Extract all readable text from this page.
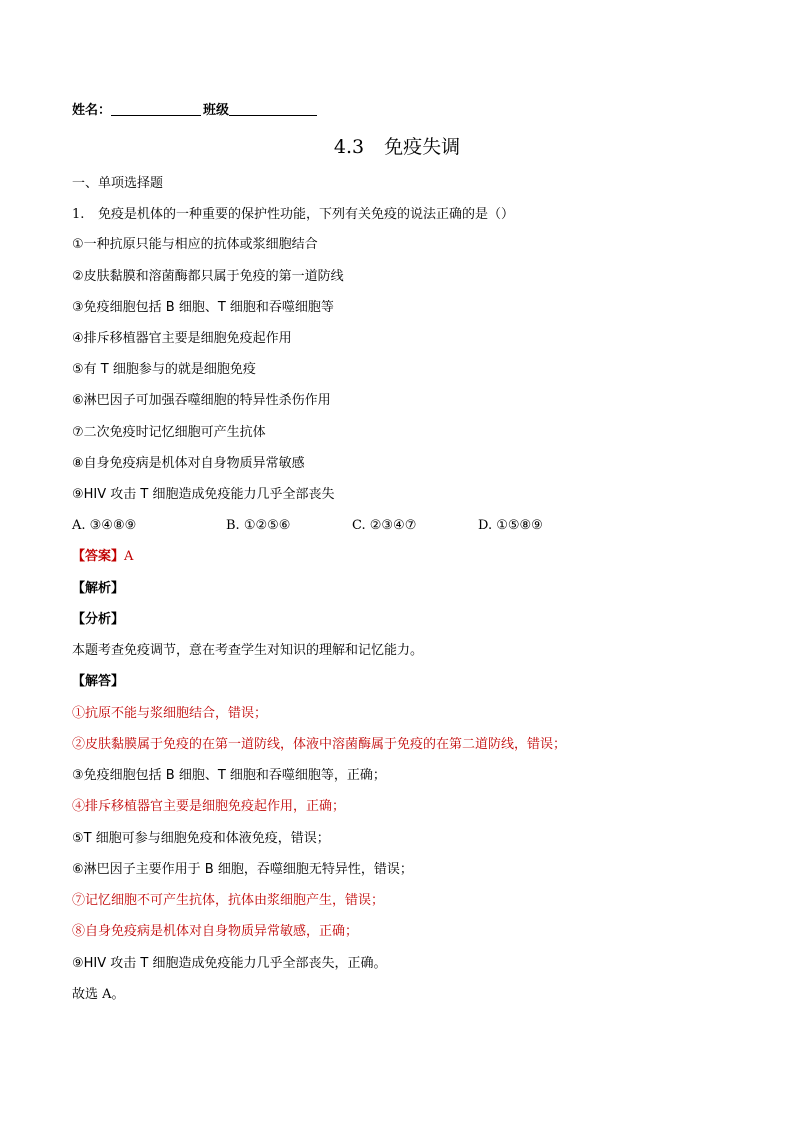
姓名：	班级
4.3 免疫失调
一、单项选择题
1. 免疫是机体的一种重要的保护性功能，下列有关免疫的说法正确的是（）
①一种抗原只能与相应的抗体或浆细胞结合
②皮肤黏膜和溶菌酶都只属于免疫的第一道防线
③免疫细胞包括 B 细胞、T 细胞和吞噬细胞等
④排斥移植器官主要是细胞免疫起作用
⑤有 T 细胞参与的就是细胞免疫
⑥淋巴因子可加强吞噬细胞的特异性杀伤作用
⑦二次免疫时记忆细胞可产生抗体
⑧自身免疫病是机体对自身物质异常敏感
⑨HIV 攻击 T 细胞造成免疫能力几乎全部丧失
A. ③④⑧⑨	B. ①②⑤⑥	C. ②③④⑦	D. ①⑤⑧⑨
【答案】A
【解析】
【分析】
本题考查免疫调节，意在考查学生对知识的理解和记忆能力。
【解答】
①抗原不能与浆细胞结合，错误；
②皮肤黏膜属于免疫的在第一道防线，体液中溶菌酶属于免疫的在第二道防线，错误；
③免疫细胞包括 B 细胞、T 细胞和吞噬细胞等，正确；
④排斥移植器官主要是细胞免疫起作用，正确；
⑤T 细胞可参与细胞免疫和体液免疫，错误；
⑥淋巴因子主要作用于 B 细胞，吞噬细胞无特异性，错误；
⑦记忆细胞不可产生抗体，抗体由浆细胞产生，错误；
⑧自身免疫病是机体对自身物质异常敏感，正确；
⑨HIV 攻击 T 细胞造成免疫能力几乎全部丧失，正确。
故选 A。
